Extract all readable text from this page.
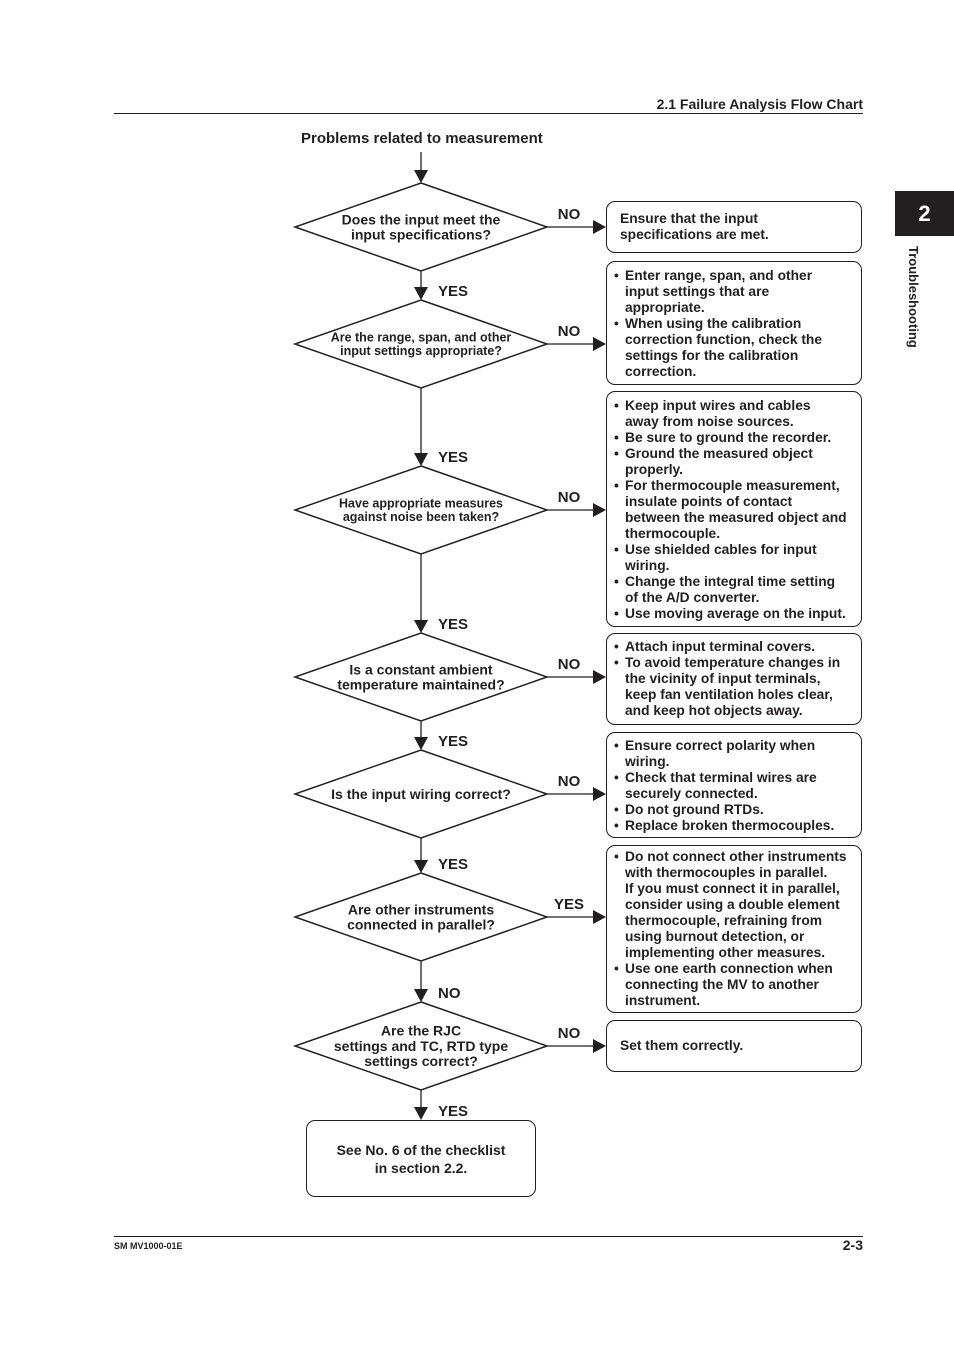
2.1 Failure Analysis Flow Chart
2
Troubleshooting
SM MV1000-01E	2-3
Problems related to measurement
Does the input meet the
input specifications?
NO
YES
Are the range, span, and other
input settings appropriate?
NO
YES
Have appropriate measures
against noise been taken?
NO
YES
Is a constant ambient
temperature maintained?
NO
YES
Is the input wiring correct?
NO
YES
Are other instruments
connected in parallel?
YES
NO
Are the RJC
settings and TC, RTD type
settings correct?
NO
YES
Ensure that the input
specifications are met.
• Enter range, span, and other
input settings that are
appropriate.
• When using the calibration
correction function, check the
settings for the calibration
correction.
• Keep input wires and cables
away from noise sources.
• Be sure to ground the recorder.
• Ground the measured object
properly.
• For thermocouple measurement,
insulate points of contact
between the measured object and
thermocouple.
• Use shielded cables for input
wiring.
• Change the integral time setting
of the A/D converter.
• Use moving average on the input.
• Attach input terminal covers.
• To avoid temperature changes in
the vicinity of input terminals,
keep fan ventilation holes clear,
and keep hot objects away.
• Ensure correct polarity when
wiring.
• Check that terminal wires are
securely connected.
• Do not ground RTDs.
• Replace broken thermocouples.
• Do not connect other instruments
with thermocouples in parallel.
If you must connect it in parallel,
consider using a double element
thermocouple, refraining from
using burnout detection, or
implementing other measures.
• Use one earth connection when
connecting the MV to another
instrument.
Set them correctly.
See No. 6 of the checklist
in section 2.2.
